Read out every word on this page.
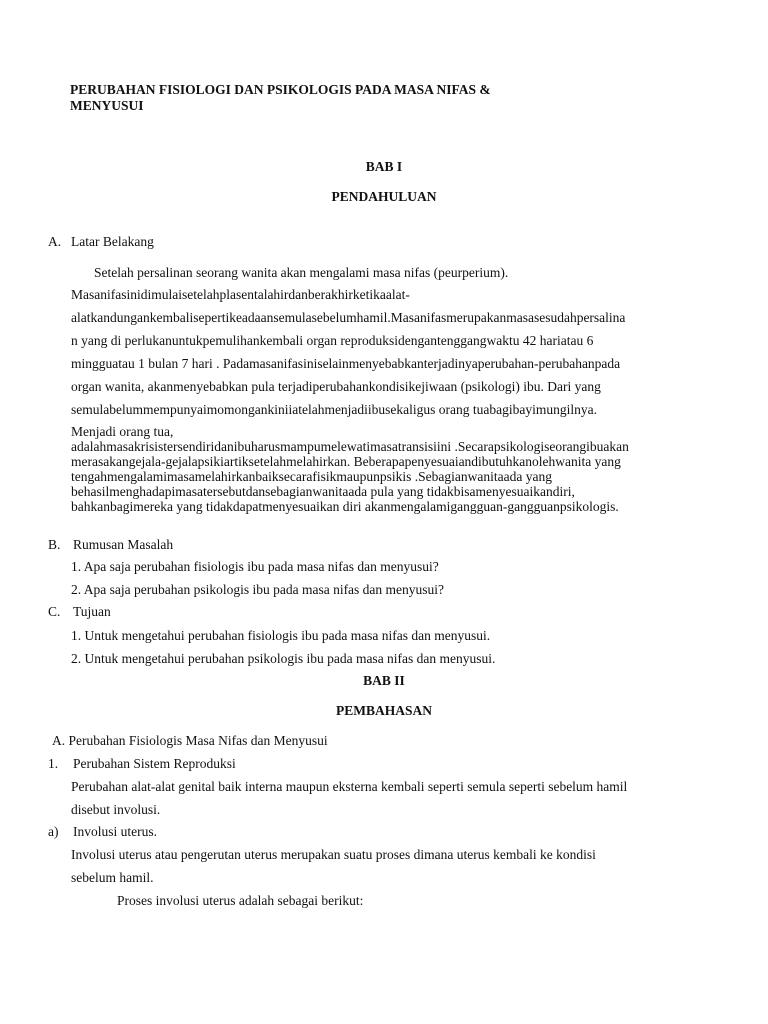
PERUBAHAN FISIOLOGI DAN PSIKOLOGIS PADA MASA NIFAS &
MENYUSUI
BAB I
PENDAHULUAN
A. Latar Belakang
Setelah persalinan seorang wanita akan mengalami masa nifas (peurperium).
Masanifasinidimulaisetelahplasentalahirdanberakhirketikaalat-
alatkandungankembalisepertikeadaansemulasebelumhamil.Masanifasmerupakanmasasesudahpersalina
n yang di perlukanuntukpemulihankembali organ reproduksidengantenggangwaktu 42 hariatau 6
mingguatau 1 bulan 7 hari . Padamasanifasiniselainmenyebabkanterjadinyaperubahan-perubahanpada
organ wanita, akanmenyebabkan pula terjadiperubahankondisikejiwaan (psikologi) ibu. Dari yang
semulabelummempunyaimomongankiniiatelahmenjadiibusekaligus orang tuabagibayimungilnya.
Menjadi orang tua,
adalahmasakrisistersendiridanibuharusmampumelewatimasatransisiini .Secarapsikologiseorangibuakan
merasakangejala-gejalapsikiartiksetelahmelahirkan. Beberapapenyesuaiandibutuhkanolehwanita yang
tengahmengalamimasamelahirkanbaiksecarafisikmaupunpsikis .Sebagianwanitaada yang
behasilmenghadapimasatersebutdansebagianwanitaada pula yang tidakbisamenyesuaikandiri,
bahkanbagimereka yang tidakdapatmenyesuaikan diri akanmengalamigangguan-gangguanpsikologis.
B. Rumusan Masalah
1. Apa saja perubahan fisiologis ibu pada masa nifas dan menyusui?
2. Apa saja perubahan psikologis ibu pada masa nifas dan menyusui?
C. Tujuan
1. Untuk mengetahui perubahan fisiologis ibu pada masa nifas dan menyusui.
2. Untuk mengetahui perubahan psikologis ibu pada masa nifas dan menyusui.
BAB II
PEMBAHASAN
A. Perubahan Fisiologis Masa Nifas dan Menyusui
1. Perubahan Sistem Reproduksi
Perubahan alat-alat genital baik interna maupun eksterna kembali seperti semula seperti sebelum hamil
disebut involusi.
a) Involusi uterus.
Involusi uterus atau pengerutan uterus merupakan suatu proses dimana uterus kembali ke kondisi
sebelum hamil.
Proses involusi uterus adalah sebagai berikut:
